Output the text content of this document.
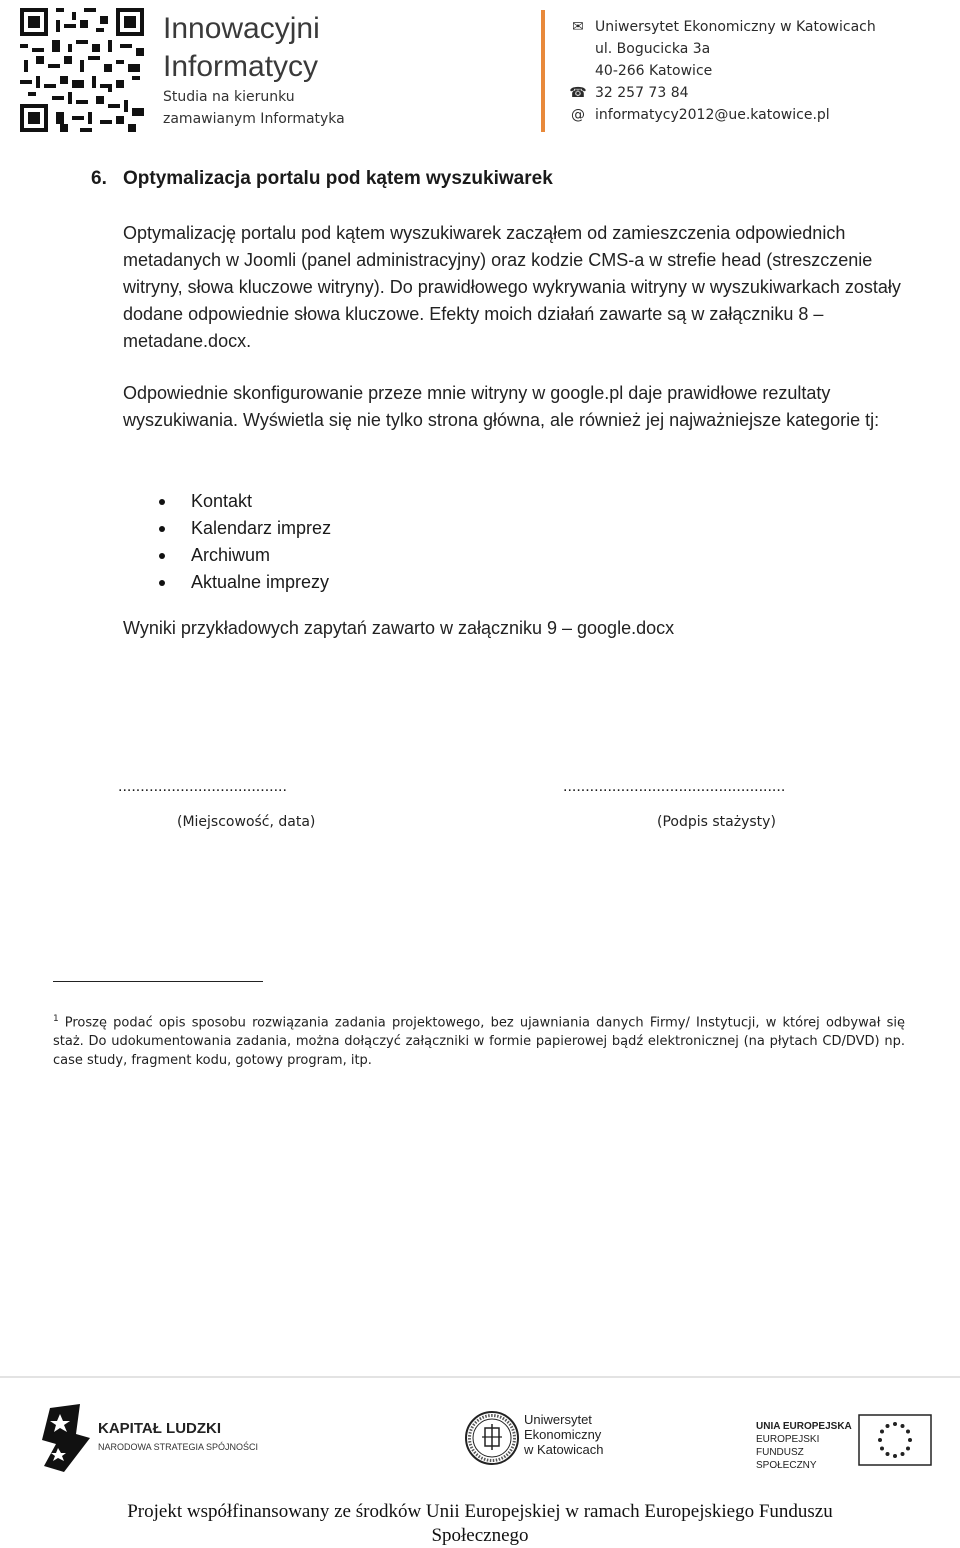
Innowacyjni
Informatycy
Studia na kierunku
zamawianym Informatyka
✉ Uniwersytet Ekonomiczny w Katowicach
ul. Bogucicka 3a
40-266 Katowice
☎ 32 257 73 84
@ informatycy2012@ue.katowice.pl
6. Optymalizacja portalu pod kątem wyszukiwarek
Optymalizację portalu pod kątem wyszukiwarek zacząłem od zamieszczenia odpowiednich metadanych w Joomli (panel administracyjny) oraz kodzie CMS-a w strefie head (streszczenie witryny, słowa kluczowe witryny). Do prawidłowego wykrywania witryny w wyszukiwarkach zostały dodane odpowiednie słowa kluczowe. Efekty moich działań zawarte są w załączniku 8 – metadane.docx.
Odpowiednie skonfigurowanie przeze mnie witryny w google.pl daje prawidłowe rezultaty wyszukiwania. Wyświetla się nie tylko strona główna, ale również jej najważniejsze kategorie tj:
Kontakt
Kalendarz imprez
Archiwum
Aktualne imprezy
Wyniki przykładowych zapytań zawarto w załączniku 9 – google.docx
......................................	..................................................
(Miejscowość, data)	(Podpis stażysty)
$^1$ Proszę podać opis sposobu rozwiązania zadania projektowego, bez ujawniania danych Firmy/ Instytucji, w której odbywał się staż. Do udokumentowania zadania, można dołączyć załączniki w formie papierowej bądź elektronicznej (na płytach CD/DVD) np. case study, fragment kodu, gotowy program, itp.
KAPITAŁ LUDZKI
NARODOWA STRATEGIA SPÓJNOŚCI
Uniwersytet
Ekonomiczny
w Katowicach
UNIA EUROPEJSKA
EUROPEJSKI
FUNDUSZ SPOŁECZNY
Projekt współfinansowany ze środków Unii Europejskiej w ramach Europejskiego Funduszu
Społecznego
